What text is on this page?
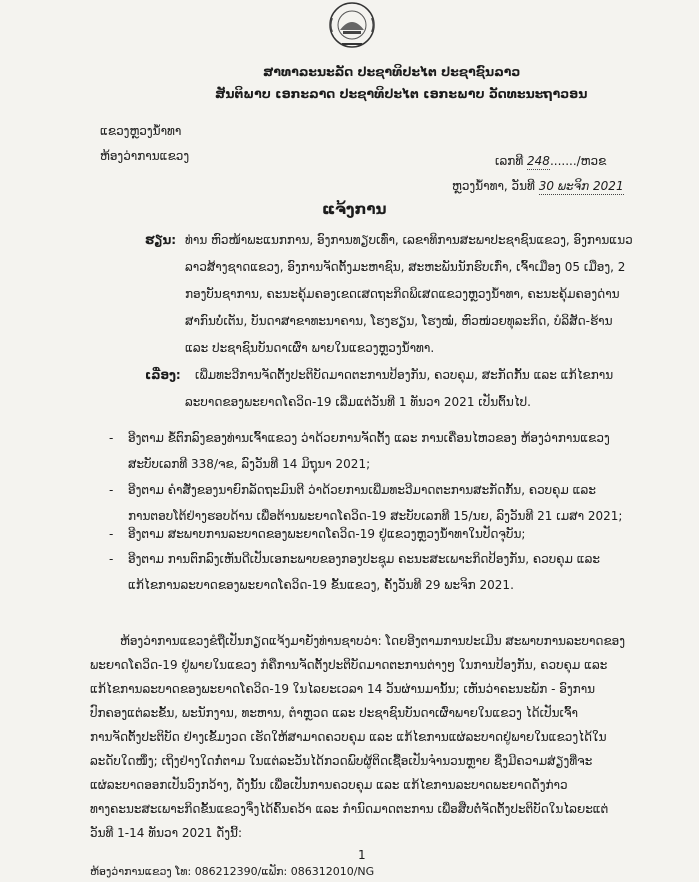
ສາທາລະນະລັດ ປະຊາທິປະໄຕ ປະຊາຊົນລາວ
ສັນຕິພາບ ເອກະລາດ ປະຊາທິປະໄຕ ເອກະພາບ ວັດທະນະຖາວອນ
ແຂວງຫຼວງນ້ຳທາ
ຫ້ອງວ່າການແຂວງ	ເລກທີ 248......./ຫວຂ
ຫຼວງນ້ຳທາ, ວັນທີ 30 ພະຈິກ 2021
ແຈ້ງການ
ຮຽນ: ທ່ານ ຫົວໜ້າພະແນກການ, ອົງການທຽບເທົ່າ, ເລຂາທິການສະພາປະຊາຊົນແຂວງ, ອົງການແນວ
ລາວສ້າງຊາດແຂວງ, ອົງການຈັດຕັ້ງມະຫາຊົນ, ສະຫະພັນນັກຮົບເກົ່າ, ເຈົ້າເມືອງ 05 ເມືອງ, 2
ກອງບັນຊາການ, ຄະນະຄຸ້ມຄອງເຂດເສດຖະກິດພິເສດແຂວງຫຼວງນ້ຳທາ, ຄະນະຄຸ້ມຄອງດ່ານ
ສາກົນບໍ່ເຕັນ, ບັນດາສາຂາທະນາຄານ, ໂຮງຮຽນ, ໂຮງໝໍ, ຫົວໜ່ວຍທຸລະກິດ, ບໍລິສັດ-ຮ້ານ
ແລະ ປະຊາຊົນບັນດາເຜົ່າ ພາຍໃນແຂວງຫຼວງນ້ຳທາ.
ເລື່ອງ: ເພີ່ມທະວີການຈັດຕັ້ງປະຕິບັດມາດຕະການປ້ອງກັນ, ຄວບຄຸມ, ສະກັດກັ້ນ ແລະ ແກ້ໄຂການ
ລະບາດຂອງພະຍາດໂຄວິດ-19 ເລີ່ມແຕ່ວັນທີ 1 ທັນວາ 2021 ເປັນຕົ້ນໄປ.
- ອີງຕາມ ຂໍ້ຕົກລົງຂອງທ່ານເຈົ້າແຂວງ ວ່າດ້ວຍການຈັດຕັ້ງ ແລະ ການເຄື່ອນໄຫວຂອງ ຫ້ອງວ່າການແຂວງ
ສະບັບເລກທີ 338/ຈຂ, ລົງວັນທີ 14 ມິຖຸນາ 2021;
- ອີງຕາມ ຄຳສັ່ງຂອງນາຍົກລັດຖະມົນຕີ ວ່າດ້ວຍການເພີ່ມທະວີມາດຕະການສະກັດກັ້ນ, ຄວບຄຸມ ແລະ
ການຕອບໂຕ້ຢ່າງຮອບດ້ານ ເພື່ອຕ້ານພະຍາດໂຄວິດ-19 ສະບັບເລກທີ 15/ນຍ, ລົງວັນທີ 21 ເມສາ 2021;
- ອີງຕາມ ສະພາບການລະບາດຂອງພະຍາດໂຄວິດ-19 ຢູ່ແຂວງຫຼວງນ້ຳທາໃນປັດຈຸບັນ;
- ອີງຕາມ ການຕົກລົງເຫັນດີເປັນເອກະພາບຂອງກອງປະຊຸມ ຄະນະສະເພາະກິດປ້ອງກັນ, ຄວບຄຸມ ແລະ
ແກ້ໄຂການລະບາດຂອງພະຍາດໂຄວິດ-19 ຂັ້ນແຂວງ, ຄັ້ງວັນທີ 29 ພະຈິກ 2021.
ຫ້ອງວ່າການແຂວງຂໍຖືເປັນກຽດແຈ້ງມາຍັງທ່ານຊາບວ່າ: ໂດຍອີງຕາມການປະເມີນ ສະພາບການລະບາດຂອງ
ພະຍາດໂຄວິດ-19 ຢູ່ພາຍໃນແຂວງ ກໍຄືການຈັດຕັ້ງປະຕິບັດມາດຕະການຕ່າງໆ ໃນການປ້ອງກັນ, ຄວບຄຸມ ແລະ
ແກ້ໄຂການລະບາດຂອງພະຍາດໂຄວິດ-19 ໃນໄລຍະເວລາ 14 ວັນຜ່ານມານັ້ນ; ເຫັນວ່າຄະນະພັກ - ອົງການ
ປົກຄອງແຕ່ລະຂັ້ນ, ພະນັກງານ, ທະຫານ, ຕຳຫຼວດ ແລະ ປະຊາຊົນບັນດາເຜົ່າພາຍໃນແຂວງ ໄດ້ເປັນເຈົ້າ
ການຈັດຕັ້ງປະຕິບັດ ຢ່າງເຂັ້ມງວດ ເຮັດໃຫ້ສາມາດຄວບຄຸມ ແລະ ແກ້ໄຂການແຜ່ລະບາດຢູ່ພາຍໃນແຂວງໄດ້ໃນ
ລະດັບໃດໜຶ່ງ; ເຖິງຢ່າງໃດກໍ່ຕາມ ໃນແຕ່ລະວັນໄດ້ກວດພົບຜູ້ຕິດເຊື້ອເປັນຈຳນວນຫຼາຍ ຊຶ່ງມີຄວາມສ່ຽງທີ່ຈະ
ແຜ່ລະບາດອອກເປັນວົງກວ້າງ, ດັ່ງນັ້ນ ເພື່ອເປັນການຄວບຄຸມ ແລະ ແກ້ໄຂການລະບາດພະຍາດດັ່ງກ່າວ
ທາງຄະນະສະເພາະກິດຂັ້ນແຂວງຈຶ່ງໄດ້ຄົ້ນຄວ້າ ແລະ ກຳນົດມາດຕະການ ເພື່ອສືບຕໍ່ຈັດຕັ້ງປະຕິບັດໃນໄລຍະແຕ່
ວັນທີ 1-14 ທັນວາ 2021 ດັ່ງນີ້:
1
ຫ້ອງວ່າການແຂວງ ໂທ: 086212390/ແຟັກ: 086312010/NG
